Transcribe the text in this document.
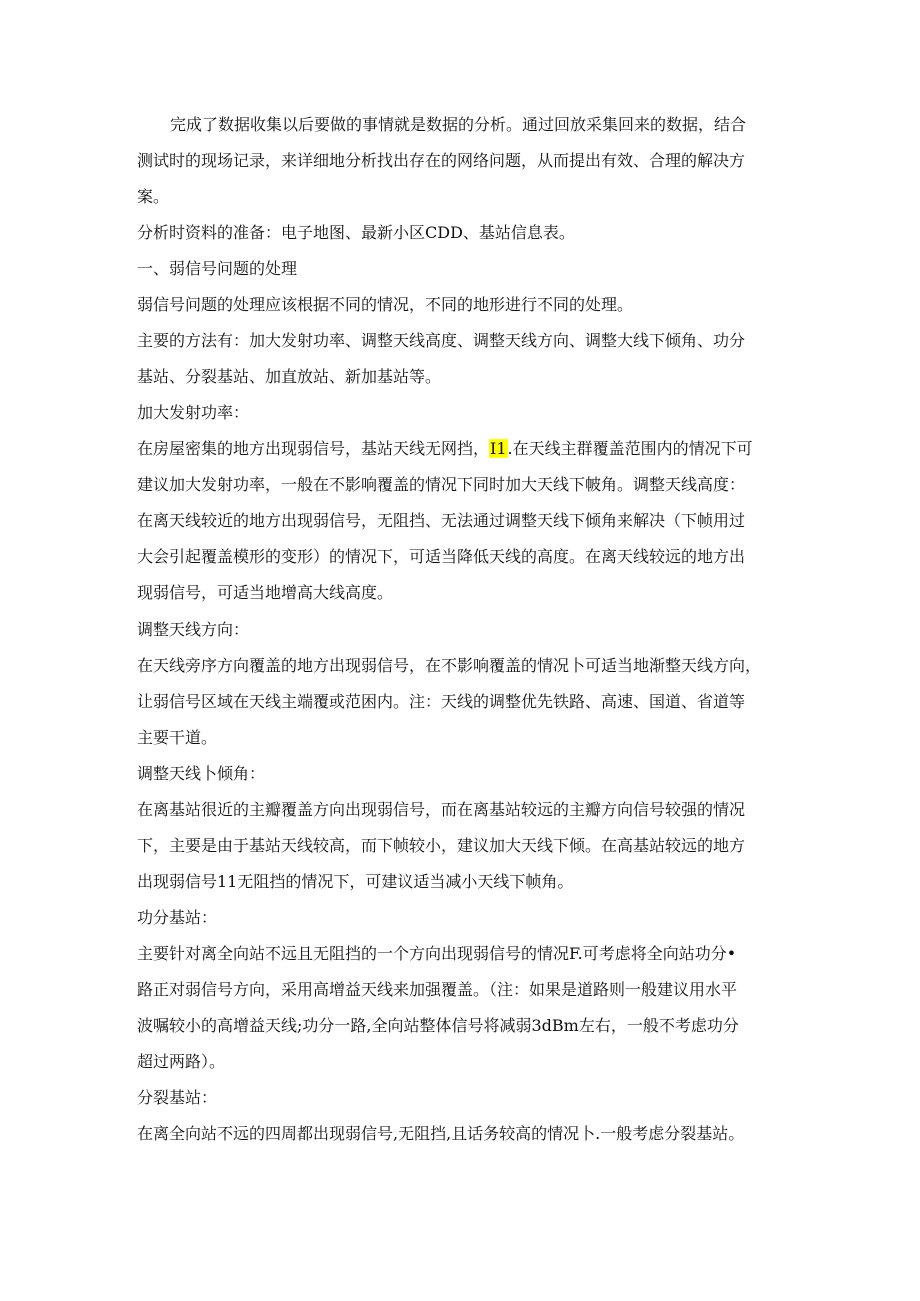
完成了数据收集以后要做的事情就是数据的分析。通过回放采集回来的数据，结合
测试时的现场记录，来详细地分析找出存在的网络问题，从而提出有效、合理的解决方
案。
分析时资料的准备：电子地图、最新小区CDD、基站信息表。
一、弱信号问题的处理
弱信号问题的处理应该根据不同的情况，不同的地形进行不同的处理。
主要的方法有：加大发射功率、调整天线高度、调整天线方向、调整大线下倾角、功分
基站、分裂基站、加直放站、新加基站等。
加大发射功率：
在房屋密集的地方出现弱信号，基站天线无网挡，I1.在天线主群覆盖范围内的情况下可
建议加大发射功率，一般在不影响覆盖的情况下同时加大天线下帔角。调整天线高度：
在离天线较近的地方出现弱信号，无阻挡、无法通过调整天线下倾角来解决（下帧用过
大会引起覆盖模形的变形）的情况下，可适当降低天线的高度。在离天线较远的地方出
现弱信号，可适当地增高大线高度。
调整天线方向：
在天线旁序方向覆盖的地方出现弱信号，在不影响覆盖的情况卜可适当地渐整天线方向，
让弱信号区域在天线主端覆或范困内。注：天线的调整优先铁路、高速、国道、省道等
主要干道。
调整天线卜倾角：
在离基站很近的主瓣覆盖方向出现弱信号，而在离基站较远的主瓣方向信号较强的情况
下，主要是由于基站天线较高，而下帧较小，建议加大天线下倾。在高基站较远的地方
出现弱信号11无阻挡的情况下，可建议适当减小天线下帧角。
功分基站：
主要针对离全向站不远且无阻挡的一个方向出现弱信号的情况F.可考虑将全向站功分•
路正对弱信号方向，采用高增益天线来加强覆盖。（注：如果是道路则一般建议用水平
波嘱较小的高增益天线;功分一路,全向站整体信号将减弱3dBm左右，一般不考虑功分
超过两路）。
分裂基站：
在离全向站不远的四周都出现弱信号,无阻挡,且话务较高的情况卜.一般考虑分裂基站。
